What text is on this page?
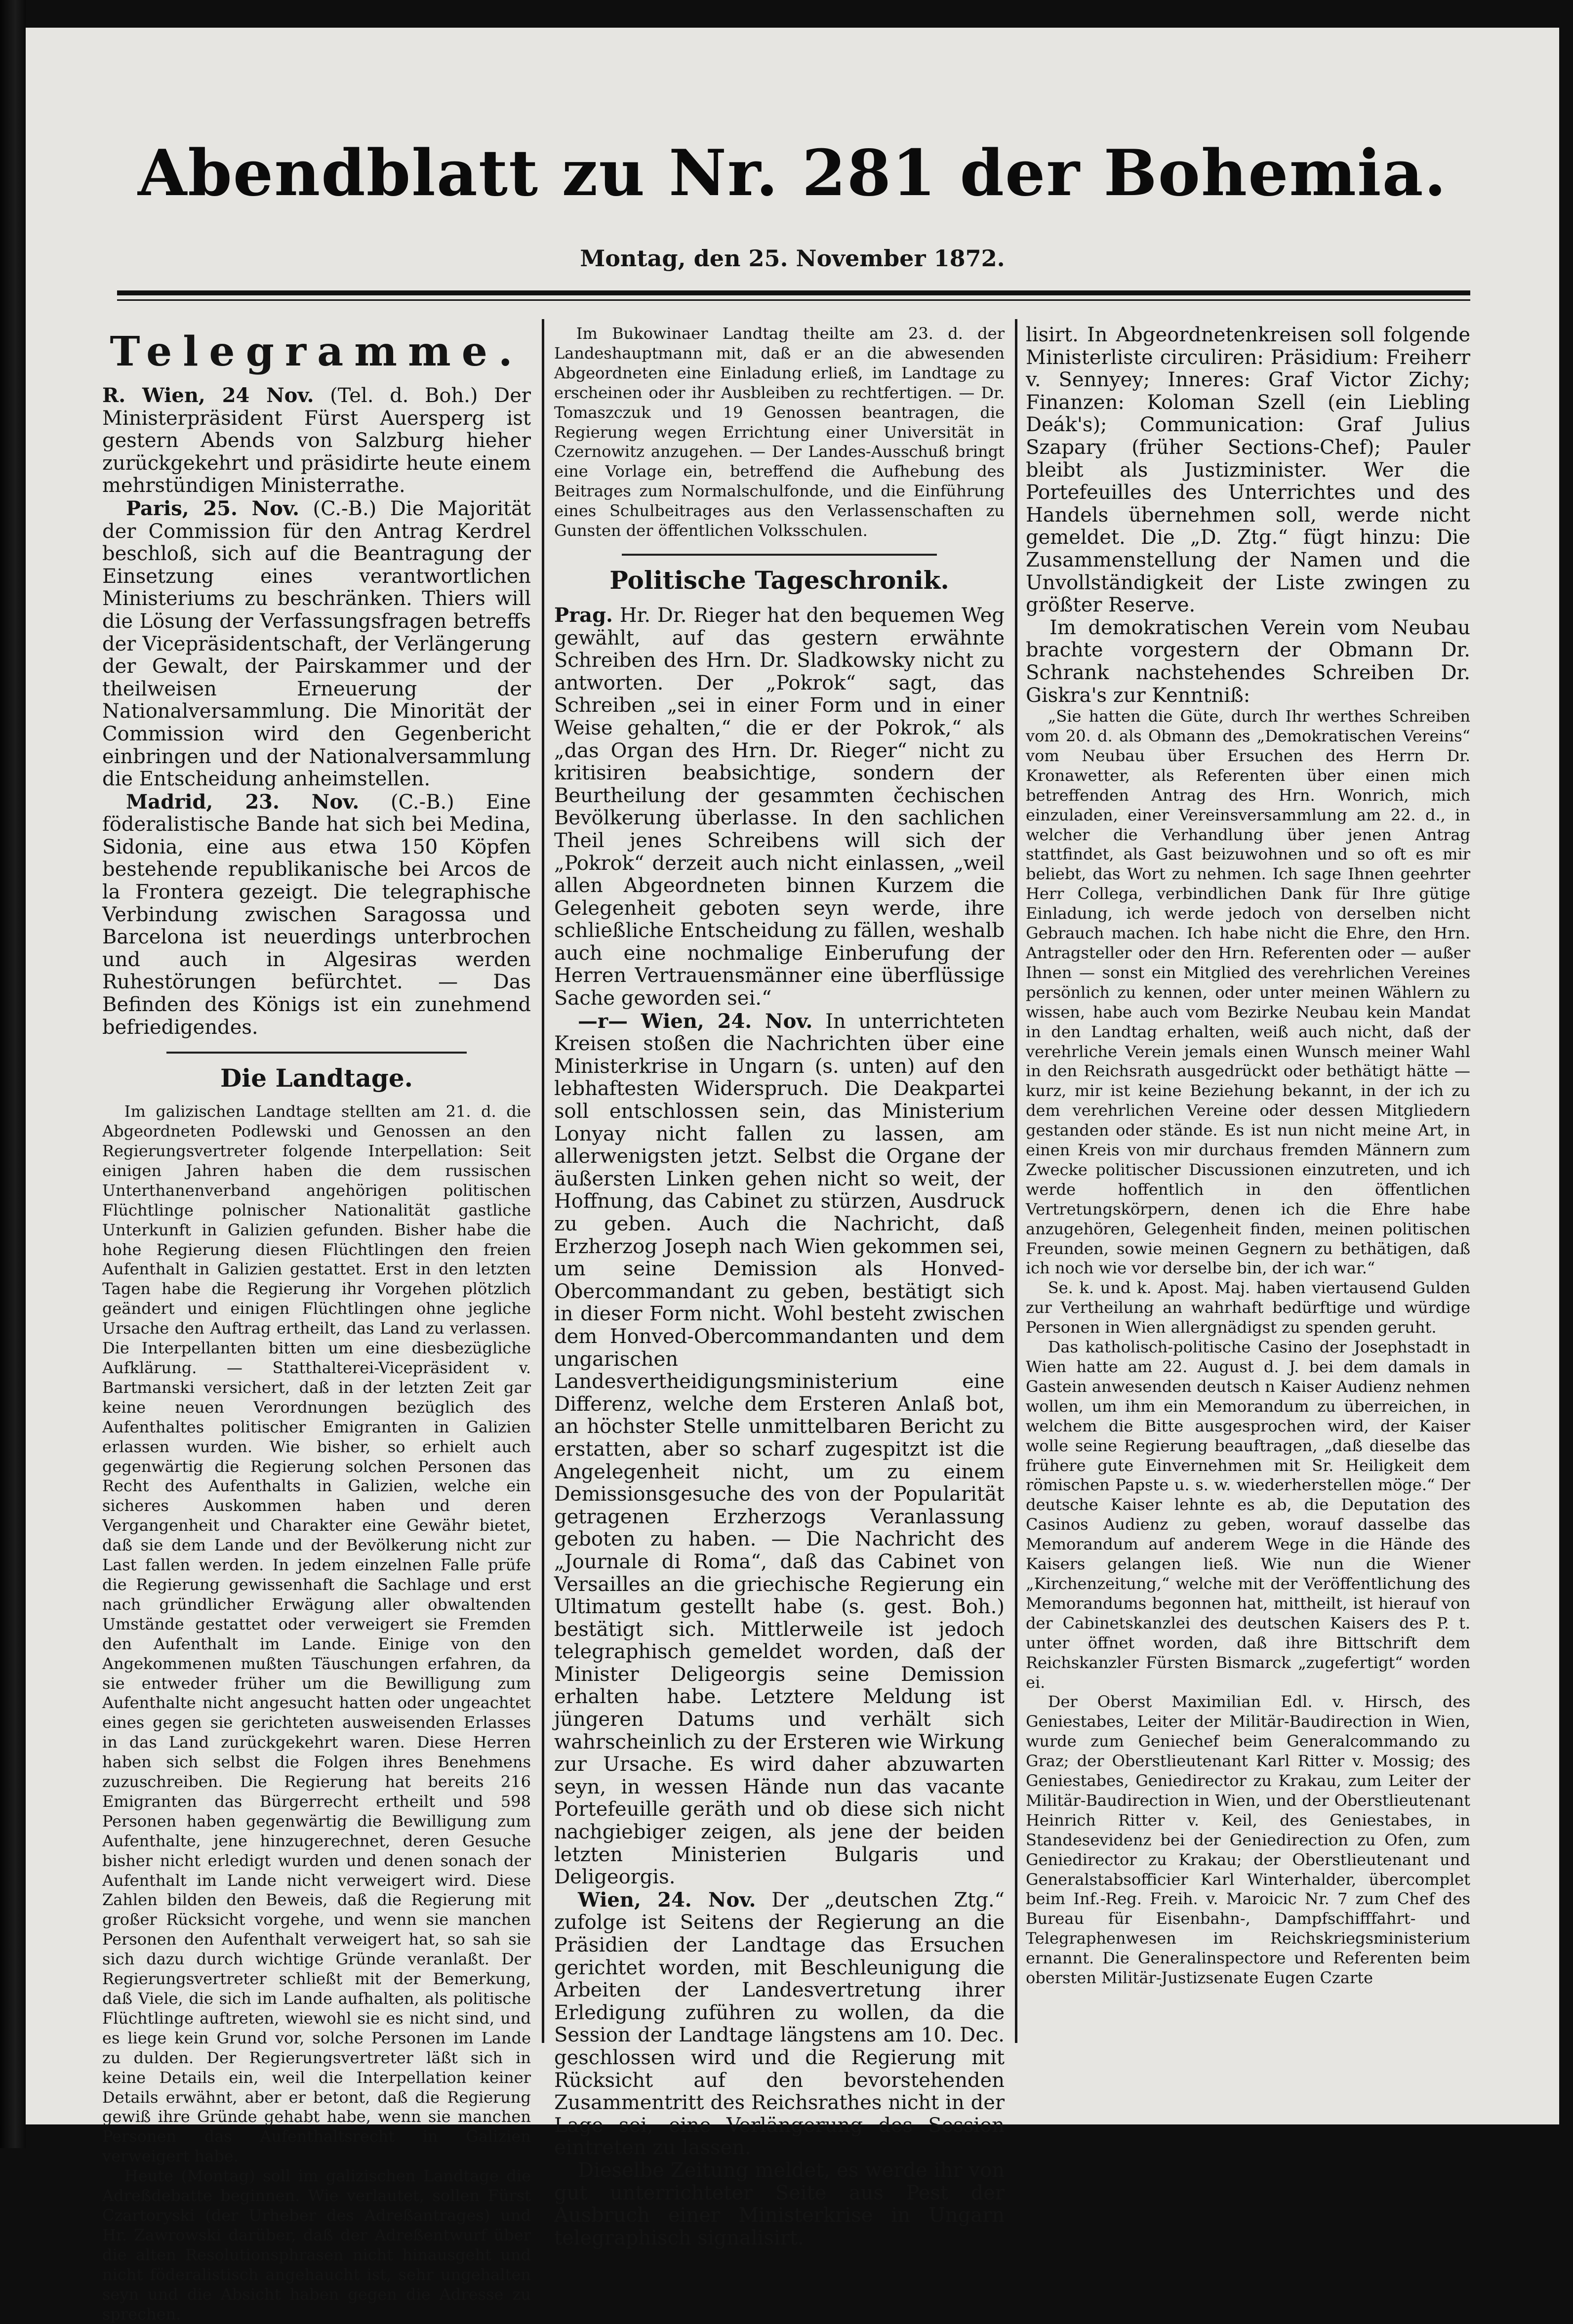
Abendblatt zu Nr. 281 der Bohemia.
Montag, den 25. November 1872.
Telegramme.

R. Wien, 24 Nov. (Tel. d. Boh.) Der Ministerpräsident Fürst Auersperg ist gestern Abends von Salzburg hieher zurückgekehrt und präsidirte heute einem mehrstündigen Ministerrathe.

Paris, 25. Nov. (C.-B.) Die Majorität der Commission für den Antrag Kerdrel beschloß, sich auf die Beantragung der Einsetzung eines verantwortlichen Ministeriums zu beschränken. Thiers will die Lösung der Verfassungsfragen betreffs der Vicepräsidentschaft, der Verlängerung der Gewalt, der Pairskammer und der theilweisen Erneuerung der Nationalversammlung. Die Minorität der Commission wird den Gegenbericht einbringen und der Nationalversammlung die Entscheidung anheimstellen.

Madrid, 23. Nov. (C.-B.) Eine föderalistische Bande hat sich bei Medina, Sidonia, eine aus etwa 150 Köpfen bestehende republikanische bei Arcos de la Frontera gezeigt. Die telegraphische Verbindung zwischen Saragossa und Barcelona ist neuerdings unterbrochen und auch in Algesiras werden Ruhestörungen befürchtet. — Das Befinden des Königs ist ein zunehmend befriedigendes.

Die Landtage.

Im galizischen Landtage stellten am 21. d. die Abgeordneten Podlewski und Genossen an den Regierungsvertreter folgende Interpellation: Seit einigen Jahren haben die dem russischen Unterthanenverband angehörigen politischen Flüchtlinge polnischer Nationalität gastliche Unterkunft in Galizien gefunden. Bisher habe die hohe Regierung diesen Flüchtlingen den freien Aufenthalt in Galizien gestattet. Erst in den letzten Tagen habe die Regierung ihr Vorgehen plötzlich geändert und einigen Flüchtlingen ohne jegliche Ursache den Auftrag ertheilt, das Land zu verlassen. Die Interpellanten bitten um eine diesbezügliche Aufklärung. — Statthalterei-Vicepräsident v. Bartmanski versichert, daß in der letzten Zeit gar keine neuen Verordnungen bezüglich des Aufenthaltes politischer Emigranten in Galizien erlassen wurden. Wie bisher, so erhielt auch gegenwärtig die Regierung solchen Personen das Recht des Aufenthalts in Galizien, welche ein sicheres Auskommen haben und deren Vergangenheit und Charakter eine Gewähr bietet, daß sie dem Lande und der Bevölkerung nicht zur Last fallen werden. In jedem einzelnen Falle prüfe die Regierung gewissenhaft die Sachlage und erst nach gründlicher Erwägung aller obwaltenden Umstände gestattet oder verweigert sie Fremden den Aufenthalt im Lande. Einige von den Angekommenen mußten Täuschungen erfahren, da sie entweder früher um die Bewilligung zum Aufenthalte nicht angesucht hatten oder ungeachtet eines gegen sie gerichteten ausweisenden Erlasses in das Land zurückgekehrt waren. Diese Herren haben sich selbst die Folgen ihres Benehmens zuzuschreiben. Die Regierung hat bereits 216 Emigranten das Bürgerrecht ertheilt und 598 Personen haben gegenwärtig die Bewilligung zum Aufenthalte, jene hinzugerechnet, deren Gesuche bisher nicht erledigt wurden und denen sonach der Aufenthalt im Lande nicht verweigert wird. Diese Zahlen bilden den Beweis, daß die Regierung mit großer Rücksicht vorgehe, und wenn sie manchen Personen den Aufenthalt verweigert hat, so sah sie sich dazu durch wichtige Gründe veranlaßt. Der Regierungsvertreter schließt mit der Bemerkung, daß Viele, die sich im Lande aufhalten, als politische Flüchtlinge auftreten, wiewohl sie es nicht sind, und es liege kein Grund vor, solche Personen im Lande zu dulden. Der Regierungsvertreter läßt sich in keine Details ein, weil die Interpellation keiner Details erwähnt, aber er betont, daß die Regierung gewiß ihre Gründe gehabt habe, wenn sie manchen Personen das Aufenthaltsrecht in Galizien verweigert habe.

Heute (Montag) soll im galizischen Landtage die Adreßdebatte beginnen. Wie verlautet, sollen Fürst Czartoryski (der Urheber des Adreßantrages) und Hr. Zawrowski darüber, daß der Adreßentwurf über die alten Resolutionsphrasen nicht hinausgeht und nicht föderalistisch angehaucht ist, sehr ungehalten seyn und die Absicht haben gegen die Adresse zu sprechen.

Im Bukowinaer Landtag theilte am 23. d. der Landeshauptmann mit, daß er an die abwesenden Abgeordneten eine Einladung erließ, im Landtage zu erscheinen oder ihr Ausbleiben zu rechtfertigen. — Dr. Tomaszczuk und 19 Genossen beantragen, die Regierung wegen Errichtung einer Universität in Czernowitz anzugehen. — Der Landes-Ausschuß bringt eine Vorlage ein, betreffend die Aufhebung des Beitrages zum Normalschulfonde, und die Einführung eines Schulbeitrages aus den Verlassenschaften zu Gunsten der öffentlichen Volksschulen.

Politische Tageschronik.

Prag. Hr. Dr. Rieger hat den bequemen Weg gewählt, auf das gestern erwähnte Schreiben des Hrn. Dr. Sladkowsky nicht zu antworten. Der „Pokrok“ sagt, das Schreiben „sei in einer Form und in einer Weise gehalten,“ die er der Pokrok,“ als „das Organ des Hrn. Dr. Rieger“ nicht zu kritisiren beabsichtige, sondern der Beurtheilung der gesammten čechischen Bevölkerung überlasse. In den sachlichen Theil jenes Schreibens will sich der „Pokrok“ derzeit auch nicht einlassen, „weil allen Abgeordneten binnen Kurzem die Gelegenheit geboten seyn werde, ihre schließliche Entscheidung zu fällen, weshalb auch eine nochmalige Einberufung der Herren Vertrauensmänner eine überflüssige Sache geworden sei.“

—r— Wien, 24. Nov. In unterrichteten Kreisen stoßen die Nachrichten über eine Ministerkrise in Ungarn (s. unten) auf den lebhaftesten Widerspruch. Die Deakpartei soll entschlossen sein, das Ministerium Lonyay nicht fallen zu lassen, am allerwenigsten jetzt. Selbst die Organe der äußersten Linken gehen nicht so weit, der Hoffnung, das Cabinet zu stürzen, Ausdruck zu geben. Auch die Nachricht, daß Erzherzog Joseph nach Wien gekommen sei, um seine Demission als Honved-Obercommandant zu geben, bestätigt sich in dieser Form nicht. Wohl besteht zwischen dem Honved-Obercommandanten und dem ungarischen Landesvertheidigungsministerium eine Differenz, welche dem Ersteren Anlaß bot, an höchster Stelle unmittelbaren Bericht zu erstatten, aber so scharf zugespitzt ist die Angelegenheit nicht, um zu einem Demissionsgesuche des von der Popularität getragenen Erzherzogs Veranlassung geboten zu haben. — Die Nachricht des „Journale di Roma“, daß das Cabinet von Versailles an die griechische Regierung ein Ultimatum gestellt habe (s. gest. Boh.) bestätigt sich. Mittlerweile ist jedoch telegraphisch gemeldet worden, daß der Minister Deligeorgis seine Demission erhalten habe. Letztere Meldung ist jüngeren Datums und verhält sich wahrscheinlich zu der Ersteren wie Wirkung zur Ursache. Es wird daher abzuwarten seyn, in wessen Hände nun das vacante Portefeuille geräth und ob diese sich nicht nachgiebiger zeigen, als jene der beiden letzten Ministerien Bulgaris und Deligeorgis.

Wien, 24. Nov. Der „deutschen Ztg.“ zufolge ist Seitens der Regierung an die Präsidien der Landtage das Ersuchen gerichtet worden, mit Beschleunigung die Arbeiten der Landesvertretung ihrer Erledigung zuführen zu wollen, da die Session der Landtage längstens am 10. Dec. geschlossen wird und die Regierung mit Rücksicht auf den bevorstehenden Zusammentritt des Reichsrathes nicht in der Lage sei, eine Verlängerung des Session eintreten zu lassen.

Dieselbe Zeitung meldet, es werde ihr von gut unterrichteter Seite aus Pest der Ausbruch einer Ministerkrise in Ungarn telegraphisch signalisirt.

lisirt. In Abgeordnetenkreisen soll folgende Ministerliste circuliren: Präsidium: Freiherr v. Sennyey; Inneres: Graf Victor Zichy; Finanzen: Koloman Szell (ein Liebling Deák's); Communication: Graf Julius Szapary (früher Sections-Chef); Pauler bleibt als Justizminister. Wer die Portefeuilles des Unterrichtes und des Handels übernehmen soll, werde nicht gemeldet. Die „D. Ztg.“ fügt hinzu: Die Zusammenstellung der Namen und die Unvollständigkeit der Liste zwingen zu größter Reserve.

Im demokratischen Verein vom Neubau brachte vorgestern der Obmann Dr. Schrank nachstehendes Schreiben Dr. Giskra's zur Kenntniß:

„Sie hatten die Güte, durch Ihr werthes Schreiben vom 20. d. als Obmann des „Demokratischen Vereins“ vom Neubau über Ersuchen des Herrn Dr. Kronawetter, als Referenten über einen mich betreffenden Antrag des Hrn. Wonrich, mich einzuladen, einer Vereinsversammlung am 22. d., in welcher die Verhandlung über jenen Antrag stattfindet, als Gast beizuwohnen und so oft es mir beliebt, das Wort zu nehmen. Ich sage Ihnen geehrter Herr Collega, verbindlichen Dank für Ihre gütige Einladung, ich werde jedoch von derselben nicht Gebrauch machen. Ich habe nicht die Ehre, den Hrn. Antragsteller oder den Hrn. Referenten oder — außer Ihnen — sonst ein Mitglied des verehrlichen Vereines persönlich zu kennen, oder unter meinen Wählern zu wissen, habe auch vom Bezirke Neubau kein Mandat in den Landtag erhalten, weiß auch nicht, daß der verehrliche Verein jemals einen Wunsch meiner Wahl in den Reichsrath ausgedrückt oder bethätigt hätte — kurz, mir ist keine Beziehung bekannt, in der ich zu dem verehrlichen Vereine oder dessen Mitgliedern gestanden oder stände. Es ist nun nicht meine Art, in einen Kreis von mir durchaus fremden Männern zum Zwecke politischer Discussionen einzutreten, und ich werde hoffentlich in den öffentlichen Vertretungskörpern, denen ich die Ehre habe anzugehören, Gelegenheit finden, meinen politischen Freunden, sowie meinen Gegnern zu bethätigen, daß ich noch wie vor derselbe bin, der ich war.“

Se. k. und k. Apost. Maj. haben viertausend Gulden zur Vertheilung an wahrhaft bedürftige und würdige Personen in Wien allergnädigst zu spenden geruht.

Das katholisch-politische Casino der Josephstadt in Wien hatte am 22. August d. J. bei dem damals in Gastein anwesenden deutsch n Kaiser Audienz nehmen wollen, um ihm ein Memorandum zu überreichen, in welchem die Bitte ausgesprochen wird, der Kaiser wolle seine Regierung beauftragen, „daß dieselbe das frühere gute Einvernehmen mit Sr. Heiligkeit dem römischen Papste u. s. w. wiederherstellen möge.“ Der deutsche Kaiser lehnte es ab, die Deputation des Casinos Audienz zu geben, worauf dasselbe das Memorandum auf anderem Wege in die Hände des Kaisers gelangen ließ. Wie nun die Wiener „Kirchenzeitung,“ welche mit der Veröffentlichung des Memorandums begonnen hat, mittheilt, ist hierauf von der Cabinetskanzlei des deutschen Kaisers des P. t. unter öffnet worden, daß ihre Bittschrift dem Reichskanzler Fürsten Bismarck „zugefertigt“ worden ei.

Der Oberst Maximilian Edl. v. Hirsch, des Geniestabes, Leiter der Militär-Baudirection in Wien, wurde zum Geniechef beim Generalcommando zu Graz; der Oberstlieutenant Karl Ritter v. Mossig; des Geniestabes, Geniedirector zu Krakau, zum Leiter der Militär-Baudirection in Wien, und der Oberstlieutenant Heinrich Ritter v. Keil, des Geniestabes, in Standesevidenz bei der Geniedirection zu Ofen, zum Geniedirector zu Krakau; der Oberstlieutenant und Generalstabsofficier Karl Winterhalder, übercomplet beim Inf.-Reg. Freih. v. Maroicic Nr. 7 zum Chef des Bureau für Eisenbahn-, Dampfschifffahrt- und Telegraphenwesen im Reichskriegsministerium ernannt. Die Generalinspectore und Referenten beim obersten Militär-Justizsenate Eugen Czarte
